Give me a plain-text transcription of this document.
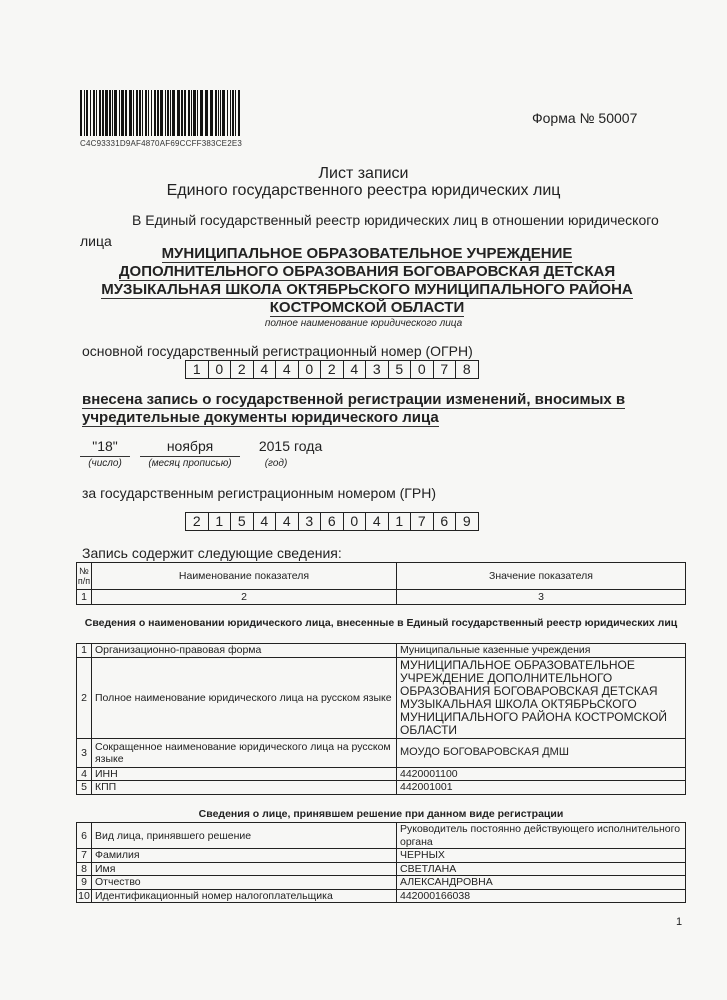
C4C93331D9AF4870AF69CCFF383CE2E3
Форма № 50007
Лист записи
Единого государственного реестра юридических лиц
В Единый государственный реестр юридических лиц в отношении юридического
лица
МУНИЦИПАЛЬНОЕ ОБРАЗОВАТЕЛЬНОЕ УЧРЕЖДЕНИЕ
ДОПОЛНИТЕЛЬНОГО ОБРАЗОВАНИЯ БОГОВАРОВСКАЯ ДЕТСКАЯ
МУЗЫКАЛЬНАЯ ШКОЛА ОКТЯБРЬСКОГО МУНИЦИПАЛЬНОГО РАЙОНА
КОСТРОМСКОЙ ОБЛАСТИ
полное наименование юридического лица
основной государственный регистрационный номер (ОГРН)
1	0	2	4	4	0	2	4	3	5	0	7	8
внесена запись о государственной регистрации изменений, вносимых в
учредительные документы юридического лица
"18"	ноября	2015 года
(число)	(месяц прописью)	(год)
за государственным регистрационным номером (ГРН)
2	1	5	4	4	3	6	0	4	1	7	6	9
Запись содержит следующие сведения:
№ п/п	Наименование показателя	Значение показателя
1	2	3
Сведения о наименовании юридического лица, внесенные в Единый государственный реестр юридических лиц
1	Организационно-правовая форма	Муниципальные казенные учреждения
2	Полное наименование юридического лица на русском языке	МУНИЦИПАЛЬНОЕ ОБРАЗОВАТЕЛЬНОЕ УЧРЕЖДЕНИЕ ДОПОЛНИТЕЛЬНОГО ОБРАЗОВАНИЯ БОГОВАРОВСКАЯ ДЕТСКАЯ МУЗЫКАЛЬНАЯ ШКОЛА ОКТЯБРЬСКОГО МУНИЦИПАЛЬНОГО РАЙОНА КОСТРОМСКОЙ ОБЛАСТИ
3	Сокращенное наименование юридического лица на русском языке	МОУДО БОГОВАРОВСКАЯ ДМШ
4	ИНН	4420001100
5	КПП	442001001
Сведения о лице, принявшем решение при данном виде регистрации
6	Вид лица, принявшего решение	Руководитель постоянно действующего исполнительного органа
7	Фамилия	ЧЕРНЫХ
8	Имя	СВЕТЛАНА
9	Отчество	АЛЕКСАНДРОВНА
10	Идентификационный номер налогоплательщика	442000166038
1
